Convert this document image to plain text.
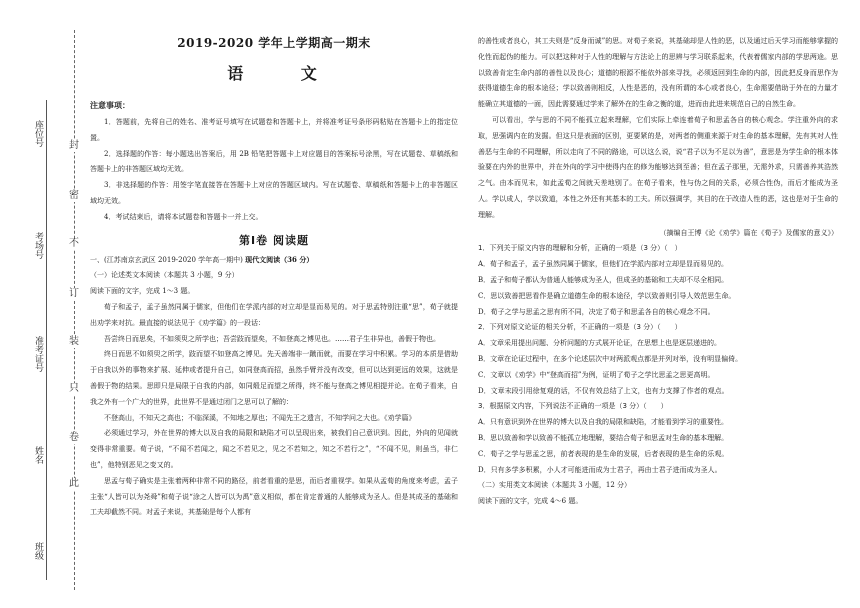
封
密
不
订
装
只
卷
此
座位号
考场号
准考证号
姓名
班级
2019-2020 学年上学期高一期末
语 文
注意事项：

1．答题前，先将自己的姓名、准考证号填写在试题卷和答题卡上，并将准考证号条形码粘贴在答题卡上的指定位置。

2．选择题的作答：每小题选出答案后，用 2B 铅笔把答题卡上对应题目的答案标号涂黑，写在试题卷、草稿纸和答题卡上的非答题区域均无效。

3．非选择题的作答：用签字笔直接答在答题卡上对应的答题区域内。写在试题卷、草稿纸和答题卡上的非答题区域均无效。

4．考试结束后，请将本试题卷和答题卡一并上交。

第Ⅰ卷 阅读题

一、(江苏南京玄武区 2019-2020 学年高一期中) 现代文阅读（36 分）

（一）论述类文本阅读（本题共 3 小题，9 分）

阅读下面的文字，完成 1～3 题。

荀子和孟子，孟子虽然同属于儒家，但他们在学派内部的对立却是显而易见的。对于思孟特别注重“思”，荀子就提出劝学来对抗。最直接的说法见于《劝学篇》的一段话：

吾尝终日而思矣，不如须臾之所学也；吾尝跂而望矣，不如登高之博见也。……君子生非异也，善假于物也。

终日而思不如须臾之所学，跂而望不如登高之博见。先天善端非一蹴而就，而要在学习中积累。学习的本质是借助于自我以外的事物来扩展、延伸或者提升自己，如同登高而招，虽然手臂并没有改变，但可以达到更远的效果，这就是善假于物的结果。思即只是局限于自我的内部，如同煅足而望之所得，终不能与登高之博见相提并论。在荀子看来，自我之外有一个广大的世界，此世界不是通过闭门之思可以了解的：

不登高山，不知天之高也；不临深溪，不知地之厚也；不闻先王之遗言，不知学问之大也。《劝学篇》

必须通过学习，外在世界的博大以及自我的局限和缺陷才可以呈现出来，被我们自己意识到。因此，外向的见闻就变得非常重要。荀子说，“不闻不若闻之，闻之不若见之，见之不若知之，知之不若行之”，“不闻不见，则虽当，非仁也”，他特别恶见之变又的。

思孟与荀子确实是主张着两种非常不同的路径，前者看重的是思，而后者重视学。如果从孟荀的角度来考虑，孟子主张“人皆可以为尧舜”和荀子说“涂之人皆可以为禹”意义相似，都在肯定普通的人能够成为圣人。但是其成圣的基础和工夫却截然不同。对孟子来说，其基础是每个人都有

的善性或者良心，其工夫则是“反身而诚”的思。对荀子来说，其基础却是人性的恶，以及通过后天学习而能够掌握的化性而起伪的能力。可以把这种对于人性的理解与方法论上的思辨与学习联系起来，代表着儒家内部的学思两途。思以致善肯定生命内部的善性以及良心；道德的根源不能依外部来寻找，必须返回到生命的内部，因此把反身而思作为获得道德生命的根本途径；学以致善则相反，人性是恶的，没有所谓的本心或者良心，生命需要借助于外在的力量才能确立其道德的一面，因此需要通过学来了解外在的生命之衡的道，进而由此进来规范自己的自然生命。

可以看出，学与思的不同不能孤立起来理解，它们实际上牵连着荀子和思孟各自的核心观念。学注重外向的求取，思强调内在的发掘。但这只是表面的区别，更要紧的是，对两者的侧重来源于对生命的基本理解，先有其对人性善恶与生命的不同理解，所以走向了不同的路途，可以这么说，说“君子以为不足以为善”，意思是为学生命的根本体验要在内外的世界中，并在外向的学习中使得内在的修为能够达到至善；但在孟子那里，无需外求，只需善养其浩然之气。由本而见末，如此孟荀之间就天差地别了。在荀子看来，性与伪之间的关系，必须合性伪，而后才能成为圣人。学以成人，学以致道，本性之外还有其基本的工夫。所以强调学，其目的在于改造人性的恶，这也是对于生命的理解。

（摘编自王博《论《劝学》篇在《荀子》及儒家的意义》）

1．下列关于原文内容的理解和分析，正确的一项是（3 分）（　）

A．荀子和孟子，孟子虽然同属于儒家，但他们在学派内部对立却是显而易见的。

B．孟子和荀子都认为普通人能够成为圣人，但成圣的基础和工夫却不尽全相同。

C．思以致善把思看作是确立道德生命的根本途径，学以致善则引导人效范思生命。

D．荀子之学与思孟之思有所不同，决定了荀子和思孟各自的核心观念不同。

2．下列对原文论证的相关分析，不正确的一项是（3 分）（　　）

A．文章采用提出问题、分析问题的方式展开论证，在思想上也是逐层递进的。

B．文章在论证过程中，在多个论述层次中对两派观点都是并列对举，没有明显偏倚。

C．文章以《劝学》中“登高而招”为例，证明了荀子之学比思孟之思更高明。

D．文章末段引用徐复观的话，不仅有效总结了上文，也有力支撑了作者的观点。

3．根据原文内容，下列说法不正确的一项是（3 分）（　　）

A．只有意识到外在世界的博大以及自我的局限和缺陷，才能看到学习的重要性。

B．思以致善和学以致善不能孤立地理解，要结合荀子和思孟对生命的基本理解。

C．荀子之学与思孟之思，前者表现的是生命的发展，后者表现的是生命的乐观。

D．只有多学多积累，小人才可能进而成为士君子，再由士君子进而成为圣人。

（二）实用类文本阅读（本题共 3 小题，12 分）

阅读下面的文字，完成 4～6 题。
